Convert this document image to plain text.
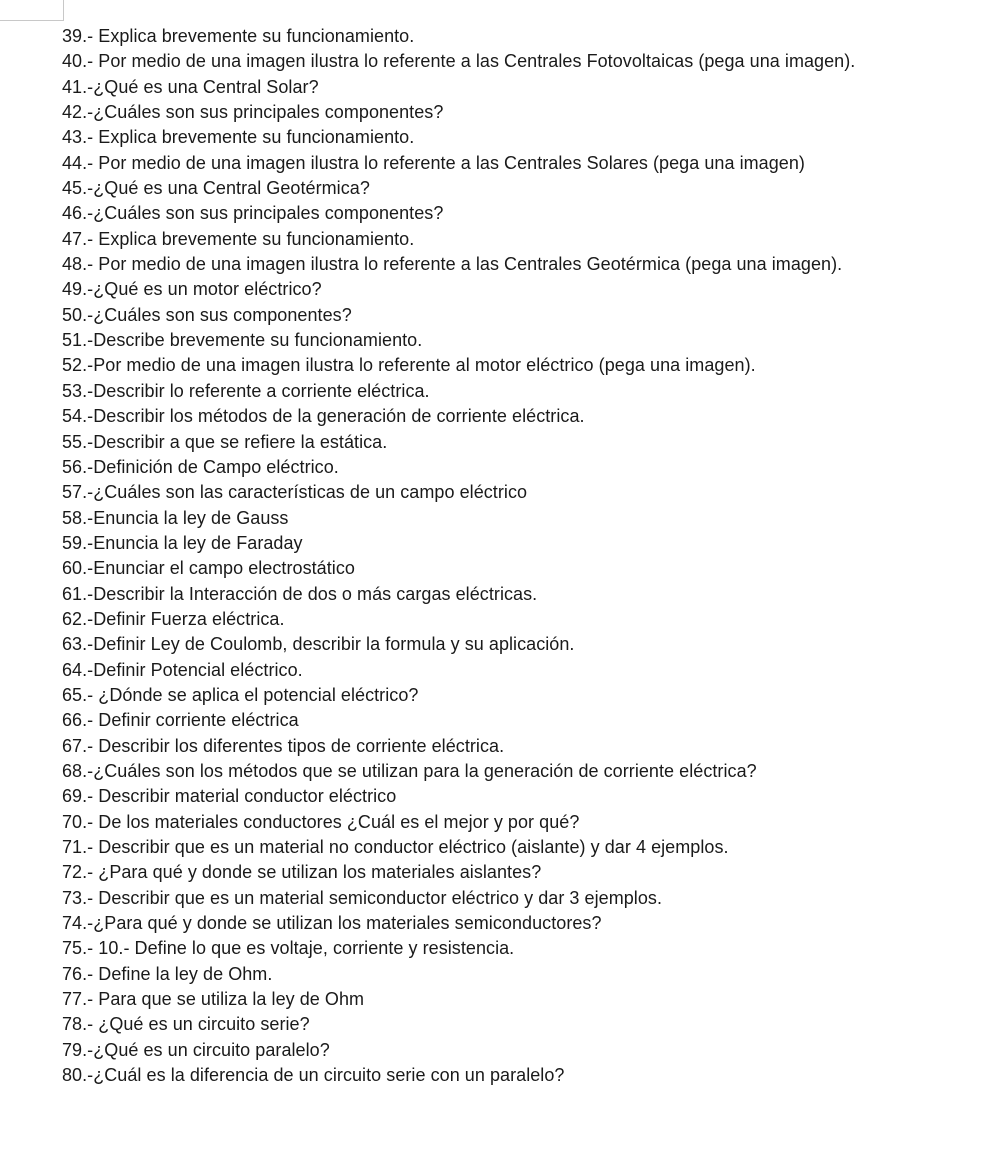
39.- Explica brevemente su funcionamiento.
40.- Por medio de una imagen ilustra lo referente a las Centrales Fotovoltaicas (pega una imagen).
41.-¿Qué es una Central Solar?
42.-¿Cuáles son sus principales componentes?
43.- Explica brevemente su funcionamiento.
44.- Por medio de una imagen ilustra lo referente a las Centrales Solares (pega una imagen)
45.-¿Qué es una Central Geotérmica?
46.-¿Cuáles son sus principales componentes?
47.- Explica brevemente su funcionamiento.
48.- Por medio de una imagen ilustra lo referente a las Centrales Geotérmica (pega una imagen).
49.-¿Qué es un motor eléctrico?
50.-¿Cuáles son sus componentes?
51.-Describe brevemente su funcionamiento.
52.-Por medio de una imagen ilustra lo referente al motor eléctrico (pega una imagen).
53.-Describir lo referente a corriente eléctrica.
54.-Describir los métodos de la generación de corriente eléctrica.
55.-Describir a que se refiere la estática.
56.-Definición de Campo eléctrico.
57.-¿Cuáles son las características de un campo eléctrico
58.-Enuncia la ley de Gauss
59.-Enuncia la ley de Faraday
60.-Enunciar el campo electrostático
61.-Describir la Interacción de dos o más cargas eléctricas.
62.-Definir Fuerza eléctrica.
63.-Definir Ley de Coulomb, describir la formula y su aplicación.
64.-Definir Potencial eléctrico.
65.- ¿Dónde se aplica el potencial eléctrico?
66.- Definir corriente eléctrica
67.- Describir los diferentes tipos de corriente eléctrica.
68.-¿Cuáles son los métodos que se utilizan para la generación de corriente eléctrica?
69.- Describir material conductor eléctrico
70.- De los materiales conductores ¿Cuál es el mejor y por qué?
71.- Describir que es un material no conductor eléctrico (aislante) y dar 4 ejemplos.
72.- ¿Para qué y donde se utilizan los materiales aislantes?
73.- Describir que es un material semiconductor eléctrico y dar 3 ejemplos.
74.-¿Para qué y donde se utilizan los materiales semiconductores?
75.- 10.- Define lo que es voltaje, corriente y resistencia.
76.- Define la ley de Ohm.
77.- Para que se utiliza la ley de Ohm
78.- ¿Qué es un circuito serie?
79.-¿Qué es un circuito paralelo?
80.-¿Cuál es la diferencia de un circuito serie con un paralelo?
